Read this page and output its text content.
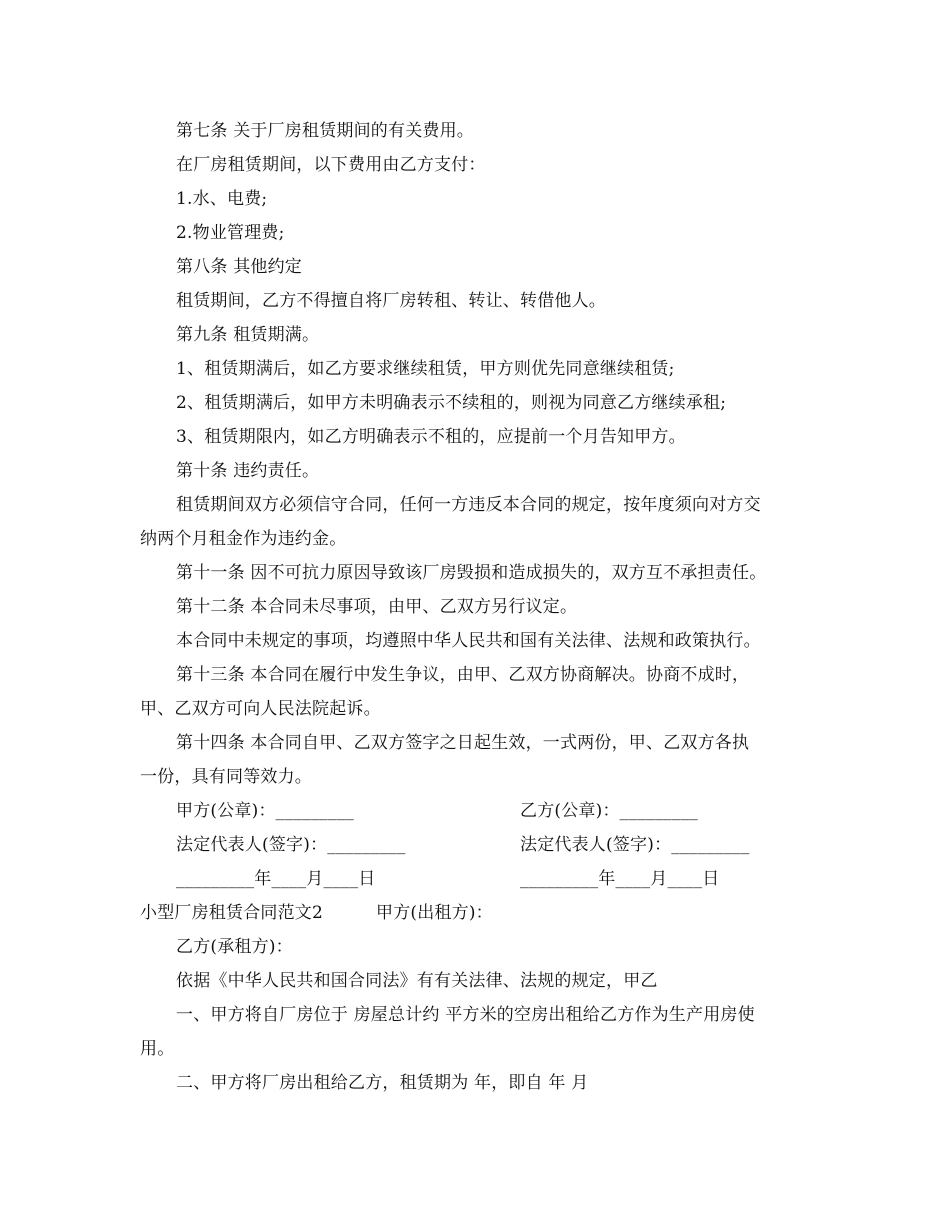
第七条 关于厂房租赁期间的有关费用。
在厂房租赁期间，以下费用由乙方支付：
1.水、电费;
2.物业管理费;
第八条 其他约定
租赁期间，乙方不得擅自将厂房转租、转让、转借他人。
第九条 租赁期满。
1、租赁期满后，如乙方要求继续租赁，甲方则优先同意继续租赁;
2、租赁期满后，如甲方未明确表示不续租的，则视为同意乙方继续承租;
3、租赁期限内，如乙方明确表示不租的，应提前一个月告知甲方。
第十条 违约责任。
租赁期间双方必须信守合同，任何一方违反本合同的规定，按年度须向对方交
纳两个月租金作为违约金。
第十一条 因不可抗力原因导致该厂房毁损和造成损失的，双方互不承担责任。
第十二条 本合同未尽事项，由甲、乙双方另行议定。
本合同中未规定的事项，均遵照中华人民共和国有关法律、法规和政策执行。
第十三条 本合同在履行中发生争议，由甲、乙双方协商解决。协商不成时，
甲、乙双方可向人民法院起诉。
第十四条 本合同自甲、乙双方签字之日起生效，一式两份，甲、乙双方各执
一份，具有同等效力。
甲方(公章)：_________	乙方(公章)：_________
法定代表人(签字)：_________	法定代表人(签字)：_________
_________年____月____日	_________年____月____日
小型厂房租赁合同范文2	甲方(出租方)：
乙方(承租方)：
依据《中华人民共和国合同法》有有关法律、法规的规定，甲乙
一、甲方将自厂房位于 房屋总计约 平方米的空房出租给乙方作为生产用房使
用。
二、甲方将厂房出租给乙方，租赁期为 年，即自 年 月
